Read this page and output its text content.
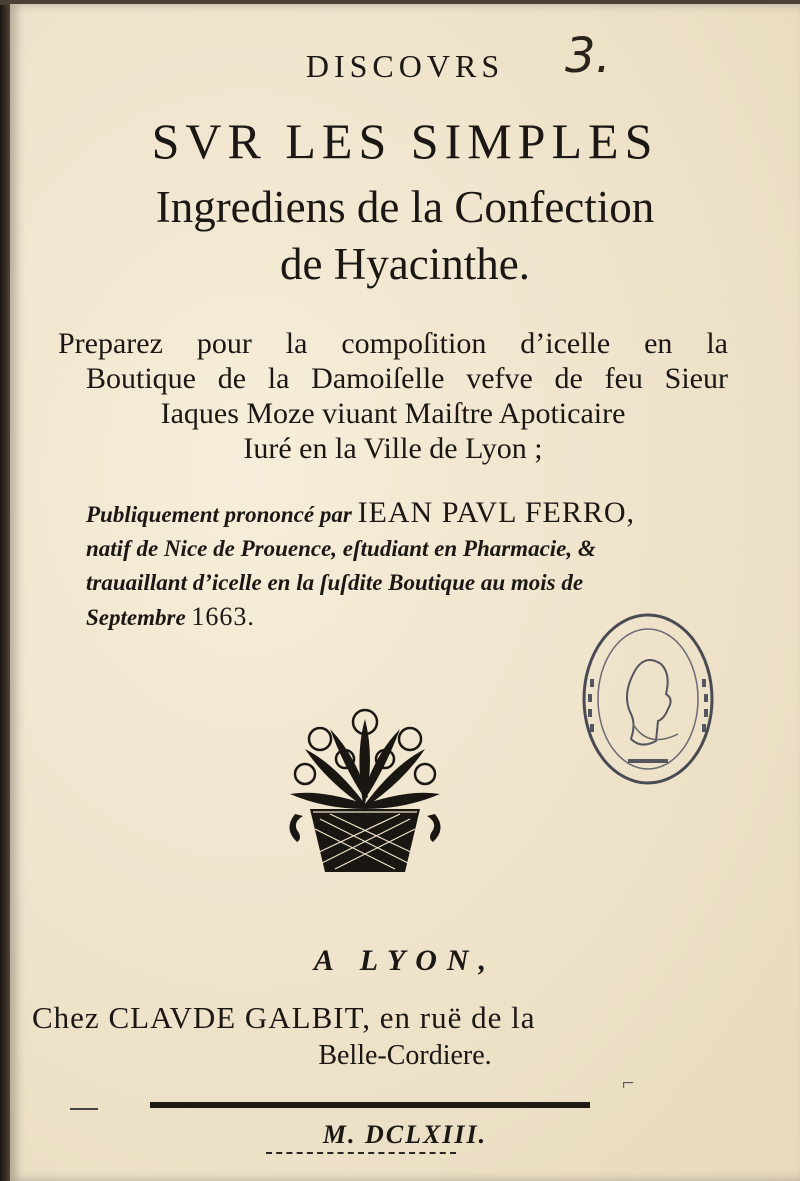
DISCOVRS	3.
SVR LES SIMPLES
Ingrediens de la Confection
de Hyacinthe.
Preparez pour la compoſition d’icelle en la
Boutique de la Damoiſelle vefve de feu Sieur
Iaques Moze viuant Maiſtre Apoticaire
Iuré en la Ville de Lyon ;
Publiquement prononcé par IEAN PAVL FERRO,
natif de Nice de Prouence, eſtudiant en Pharmacie, &
trauaillant d’icelle en la ſuſdite Boutique au mois de
Septembre 1663.
A LYON,
Chez CLAVDE GALBIT, en ruë de la
Belle-Cordiere.
⌐
M. DCLXIII.
